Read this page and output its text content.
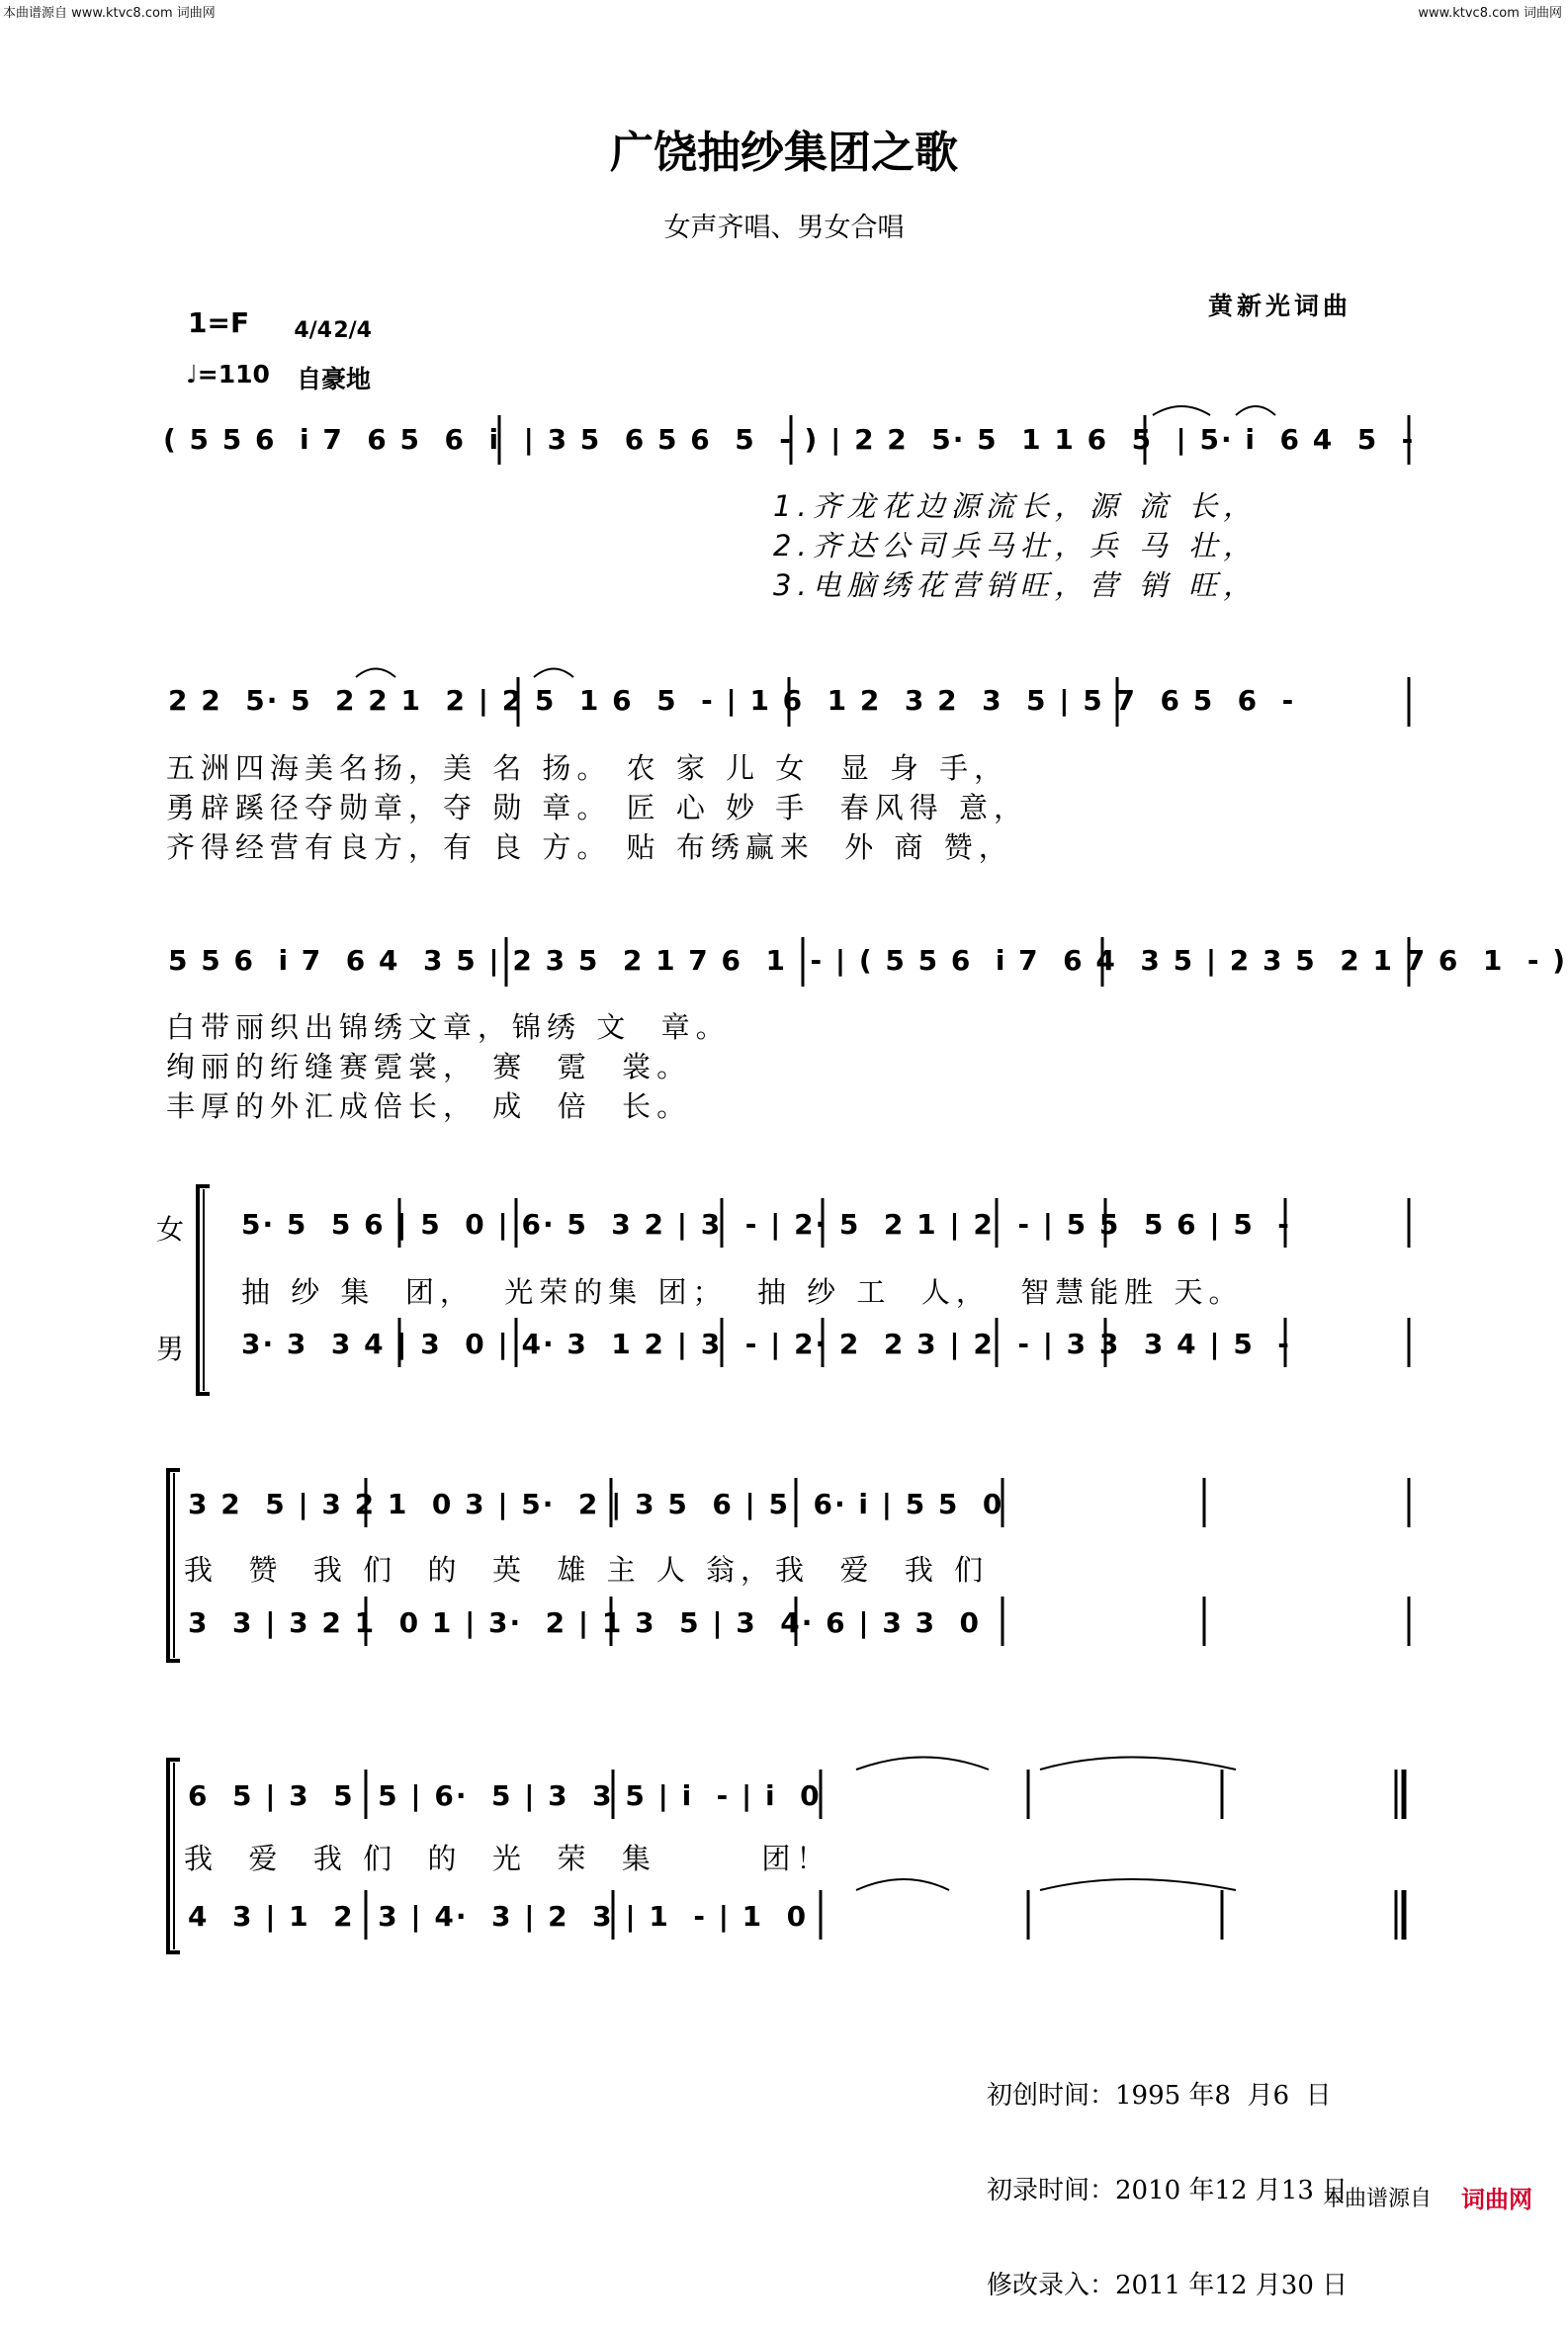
本曲谱源自 www.ktvc8.com 词曲网	www.ktvc8.com 词曲网
广饶抽纱集团之歌
女声齐唱、男女合唱
黄新光词曲
1=F	4/4 2/4

♩=110 自豪地
( 5 5 6  i 7  6 5  6  i  | 3 5  6 5 6  5  - ) | 2 2  5· 5  1 1 6  5  | 5· i  6 4  5  -
1.齐龙花边源流长，源 流 长，
2.齐达公司兵马壮，兵 马 壮，
3.电脑绣花营销旺，营 销 旺，
2 2  5· 5  2 2 1  2 | 2 5  1 6  5  - | 1 6  1 2  3 2  3  5 | 5 7  6 5  6  -
五洲四海美名扬，美 名 扬。 农 家 儿 女  显 身 手，
勇辟蹊径夺勋章，夺 勋 章。 匠 心 妙 手  春风得 意，
齐得经营有良方，有 良 方。 贴 布绣赢来  外 商 赞，
5 5 6  i 7  6 4  3 5 | 2 3 5  2 1 7 6  1  - | ( 5 5 6  i 7  6 4  3 5 | 2 3 5  2 1 7 6  1  - )
白带丽织出锦绣文章，锦绣 文  章。
绚丽的绗缝赛霓裳， 赛  霓  裳。
丰厚的外汇成倍长， 成  倍  长。
女
男
5· 5  5 6 | 5  0 | 6· 5  3 2 | 3  - | 2· 5  2 1 | 2  - | 5 5  5 6 | 5  -
抽 纱 集  团，  光荣的集 团；  抽 纱 工  人，  智慧能胜 天。
3· 3  3 4 | 3  0 | 4· 3  1 2 | 3  - | 2· 2  2 3 | 2  - | 3 3  3 4 | 5  -
3 2  5 | 3 2 1  0 3 | 5·  2 | 3 5  6 | 5  6· i | 5 5  0
我  赞  我 们  的  英  雄 主 人 翁，我  爱  我 们
3  3 | 3 2 1  0 1 | 3·  2 | 1 3  5 | 3  4· 6 | 3 3  0
6  5 | 3  5  5 | 6·  5 | 3  3 5 | i  - | i  0
我  爱  我 们  的  光  荣  集       团！
4  3 | 1  2  3 | 4·  3 | 2  3 | 1  - | 1  0

初创时间：1995 年8  月6  日

初录时间：2010 年12 月13 日

修改录入：2011 年12 月30 日

本曲谱源自 词曲网
